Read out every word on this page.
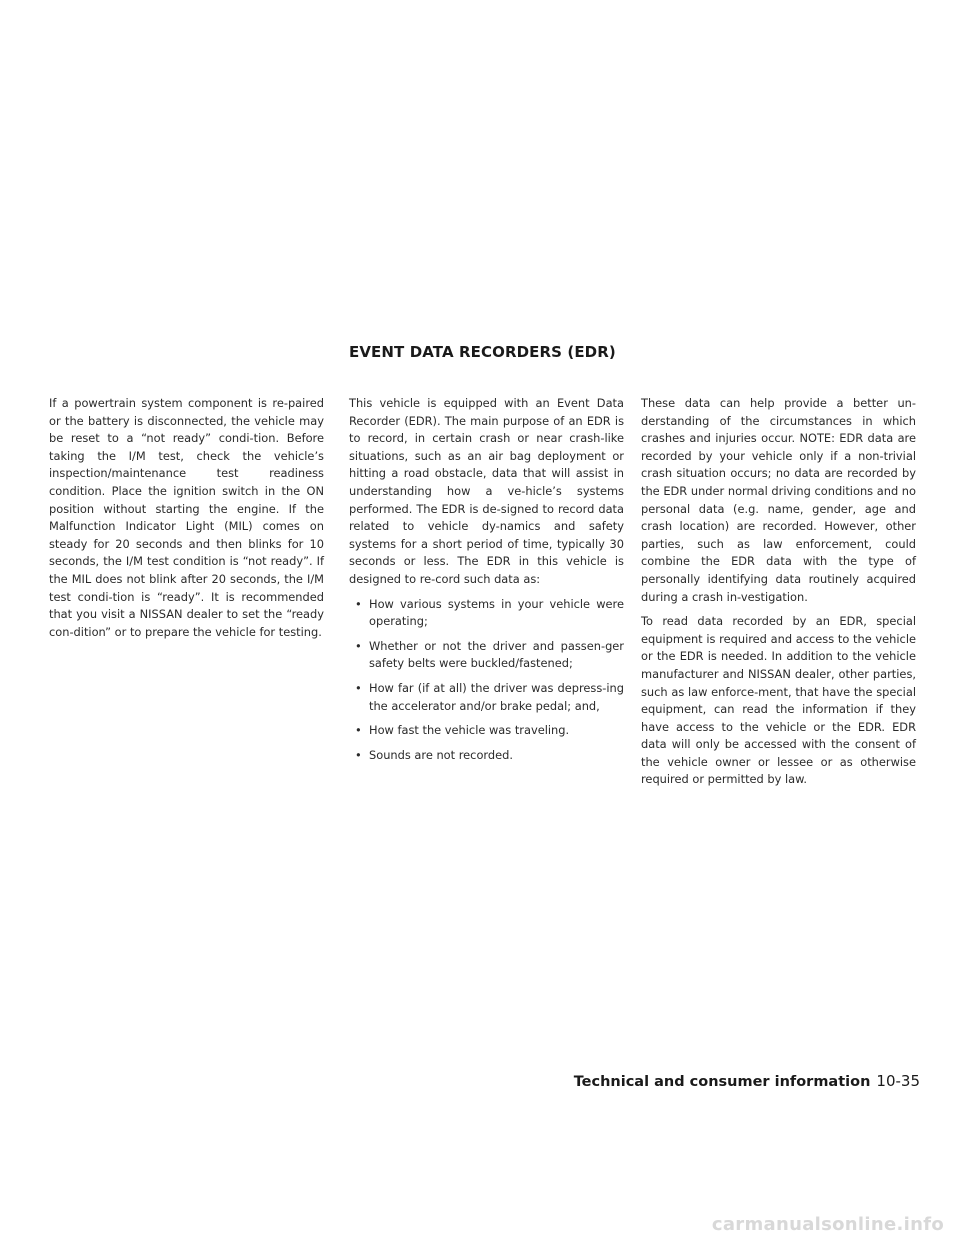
EVENT DATA RECORDERS (EDR)

If a powertrain system component is re-paired or the battery is disconnected, the vehicle may be reset to a “not ready” condi-tion. Before taking the I/M test, check the vehicle’s inspection/maintenance test readiness condition. Place the ignition switch in the ON position without starting the engine. If the Malfunction Indicator Light (MIL) comes on steady for 20 seconds and then blinks for 10 seconds, the I/M test condition is “not ready”. If the MIL does not blink after 20 seconds, the I/M test condi-tion is “ready”. It is recommended that you visit a NISSAN dealer to set the “ready con-dition” or to prepare the vehicle for testing.

This vehicle is equipped with an Event Data Recorder (EDR). The main purpose of an EDR is to record, in certain crash or near crash-like situations, such as an air bag deployment or hitting a road obstacle, data that will assist in understanding how a ve-hicle’s systems performed. The EDR is de-signed to record data related to vehicle dy-namics and safety systems for a short period of time, typically 30 seconds or less. The EDR in this vehicle is designed to re-cord such data as:

• How various systems in your vehicle were operating;
• Whether or not the driver and passen-ger safety belts were buckled/fastened;
• How far (if at all) the driver was depress-ing the accelerator and/or brake pedal; and,
• How fast the vehicle was traveling.
• Sounds are not recorded.

These data can help provide a better un-derstanding of the circumstances in which crashes and injuries occur. NOTE: EDR data are recorded by your vehicle only if a non-trivial crash situation occurs; no data are recorded by the EDR under normal driving conditions and no personal data (e.g. name, gender, age and crash location) are recorded. However, other parties, such as law enforcement, could combine the EDR data with the type of personally identifying data routinely acquired during a crash in-vestigation.

To read data recorded by an EDR, special equipment is required and access to the vehicle or the EDR is needed. In addition to the vehicle manufacturer and NISSAN dealer, other parties, such as law enforce-ment, that have the special equipment, can read the information if they have access to the vehicle or the EDR. EDR data will only be accessed with the consent of the vehicle owner or lessee or as otherwise required or permitted by law.

Technical and consumer information 10-35
carmanualsonline.info
